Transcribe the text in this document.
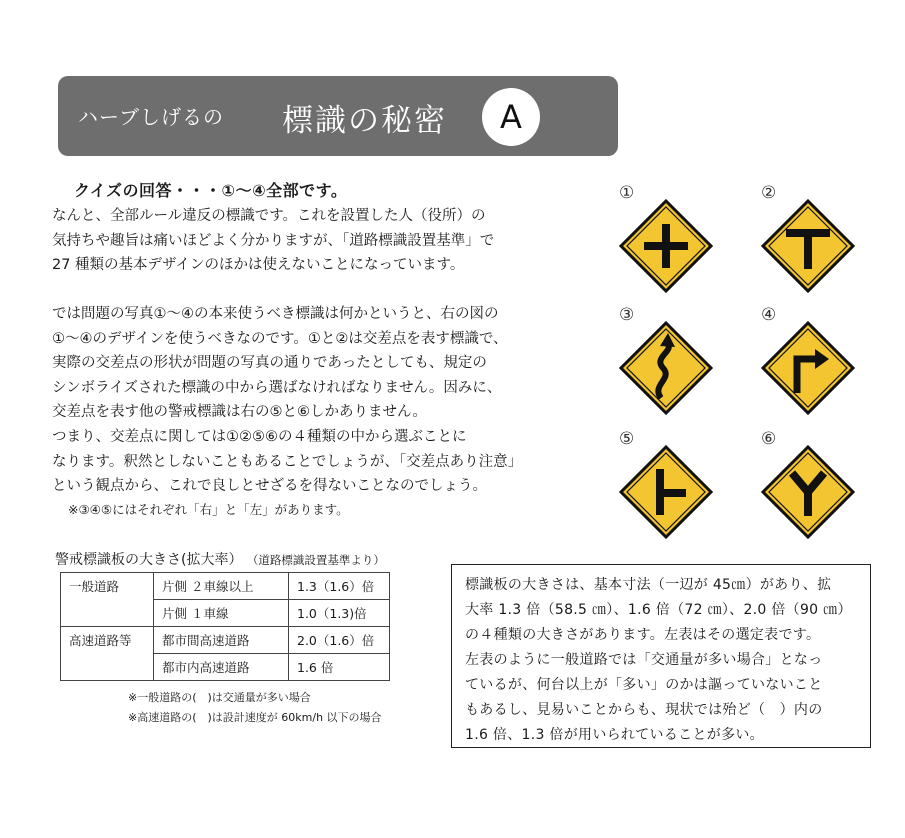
ハーブしげるの 標識の秘密	A
クイズの回答・・・①～④全部です。
なんと、全部ルール違反の標識です。これを設置した人（役所）の
気持ちや趣旨は痛いほどよく分かりますが、「道路標識設置基準」で
27 種類の基本デザインのほかは使えないことになっています。
では問題の写真①～④の本来使うべき標識は何かというと、右の図の
①～④のデザインを使うべきなのです。①と②は交差点を表す標識で、
実際の交差点の形状が問題の写真の通りであったとしても、規定の
シンボライズされた標識の中から選ばなければなりません。因みに、
交差点を表す他の警戒標識は右の⑤と⑥しかありません。
つまり、交差点に関しては①②⑤⑥の４種類の中から選ぶことに
なります。釈然としないこともあることでしょうが、「交差点あり注意」
という観点から、これで良しとせざるを得ないことなのでしょう。
※③④⑤にはそれぞれ「右」と「左」があります。
①	②
③	④
⑤	⑥
警戒標識板の大きさ(拡大率） （道路標識設置基準より）
一般道路	片側 ２車線以上	1.3（1.6）倍
	片側 １車線	1.0（1.3)倍
高速道路等	都市間高速道路	2.0（1.6）倍
	都市内高速道路	1.6 倍
※一般道路の(　)は交通量が多い場合
※高速道路の(　)は設計速度が 60km/h 以下の場合
標識板の大きさは、基本寸法（一辺が 45㎝）があり、拡
大率 1.3 倍（58.5 ㎝）、1.6 倍（72 ㎝）、2.0 倍（90 ㎝）
の４種類の大きさがあります。左表はその選定表です。
左表のように一般道路では「交通量が多い場合」となっ
ているが、何台以上が「多い」のかは謳っていないこと
もあるし、見易いことからも、現状では殆ど（　）内の
1.6 倍、1.3 倍が用いられていることが多い。
